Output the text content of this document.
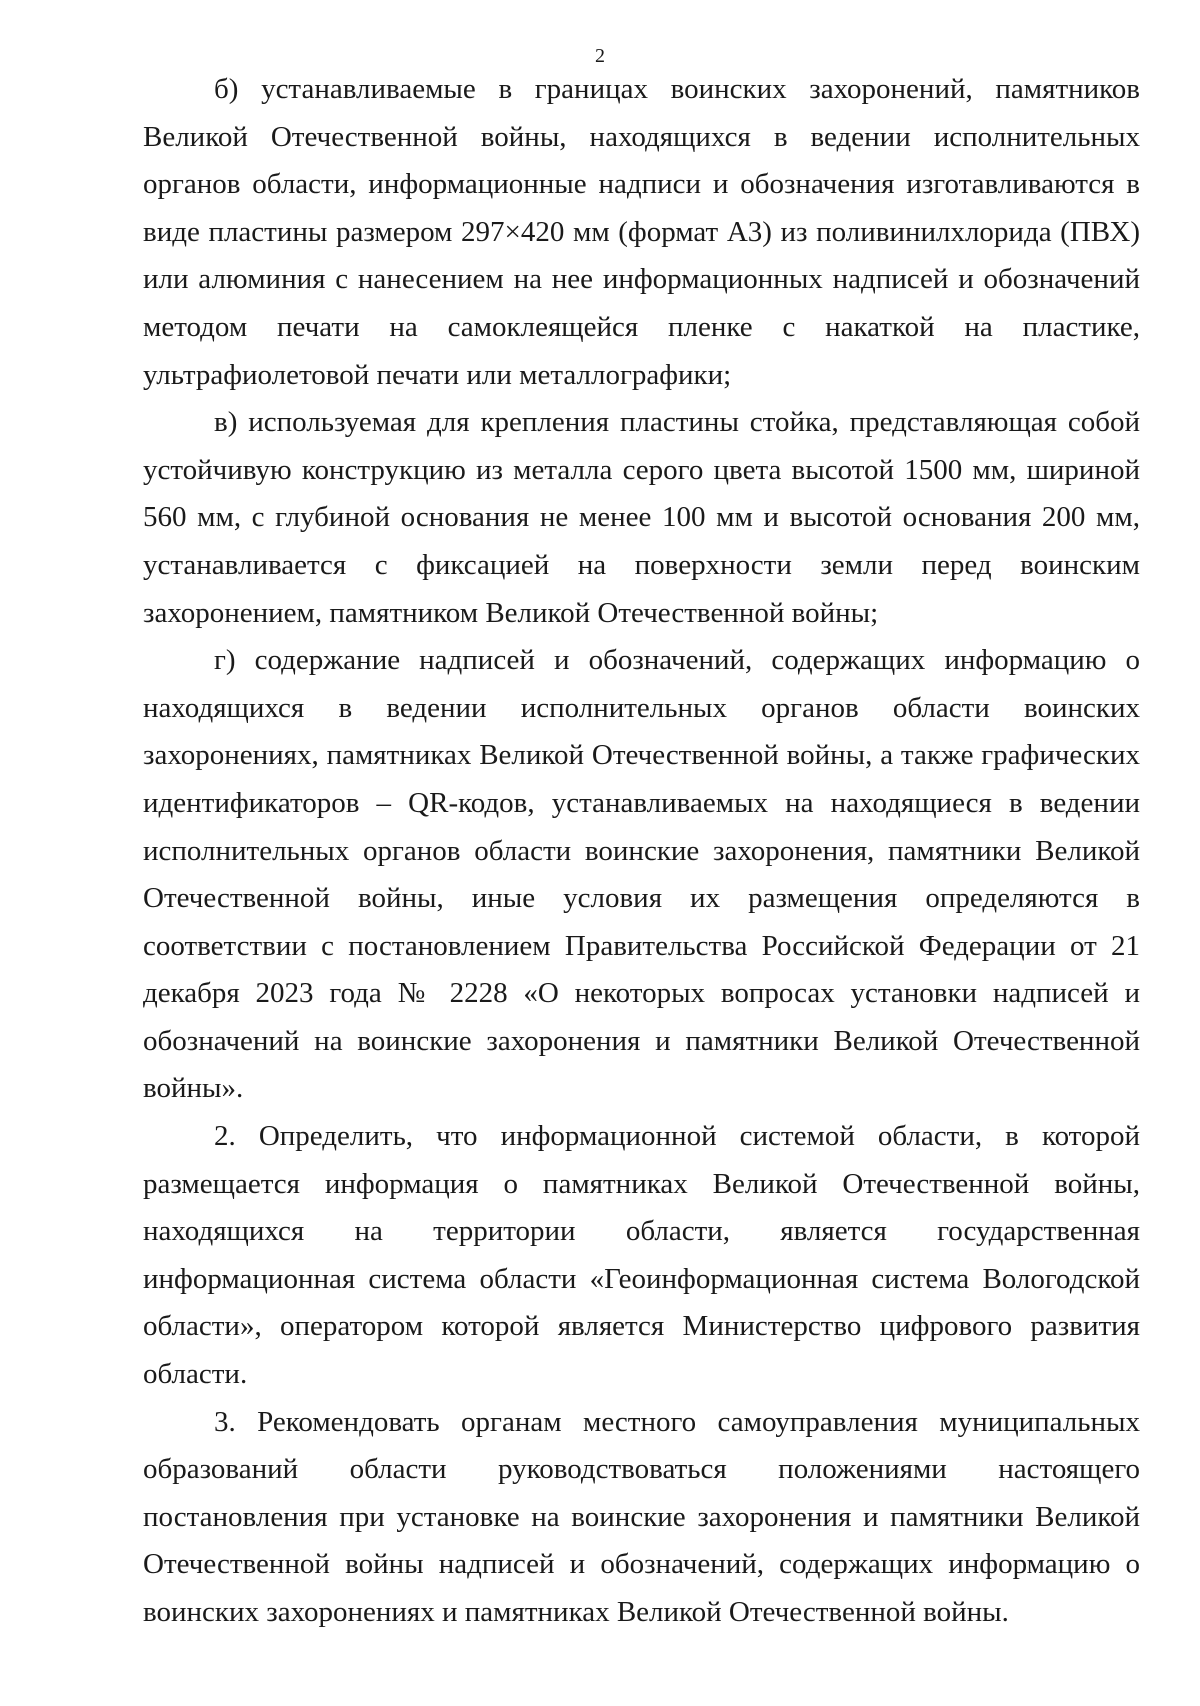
2

б) устанавливаемые в границах воинских захоронений, памятников Великой Отечественной войны, находящихся в ведении исполнительных органов области, информационные надписи и обозначения изготавливаются в виде пластины размером 297×420 мм (формат А3) из поливинилхлорида (ПВХ) или алюминия с нанесением на нее информационных надписей и обозначений методом печати на самоклеящейся пленке с накаткой на пластике, ультрафиолетовой печати или металлографики;

в) используемая для крепления пластины стойка, представляющая собой устойчивую конструкцию из металла серого цвета высотой 1500 мм, шириной 560 мм, с глубиной основания не менее 100 мм и высотой основания 200 мм, устанавливается с фиксацией на поверхности земли перед воинским захоронением, памятником Великой Отечественной войны;

г) содержание надписей и обозначений, содержащих информацию о находящихся в ведении исполнительных органов области воинских захоронениях, памятниках Великой Отечественной войны, а также графических идентификаторов – QR-кодов, устанавливаемых на находящиеся в ведении исполнительных органов области воинские захоронения, памятники Великой Отечественной войны, иные условия их размещения определяются в соответствии с постановлением Правительства Российской Федерации от 21 декабря 2023 года № 2228 «О некоторых вопросах установки надписей и обозначений на воинские захоронения и памятники Великой Отечественной войны».

2. Определить, что информационной системой области, в которой размещается информация о памятниках Великой Отечественной войны, находящихся на территории области, является государственная информационная система области «Геоинформационная система Вологодской области», оператором которой является Министерство цифрового развития области.

3. Рекомендовать органам местного самоуправления муниципальных образований области руководствоваться положениями настоящего постановления при установке на воинские захоронения и памятники Великой Отечественной войны надписей и обозначений, содержащих информацию о воинских захоронениях и памятниках Великой Отечественной войны.
